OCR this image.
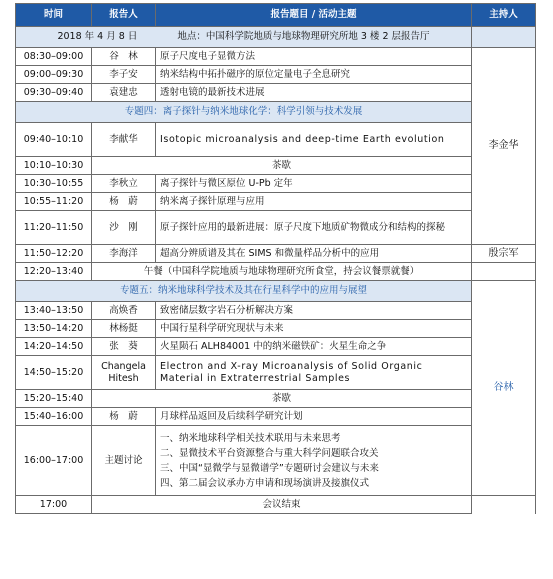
时间	报告人	报告题目 / 活动主题	主持人	
2018 年 4 月 8 日 地点：中国科学院地质与地球物理研究所地 3 楼 2 层报告厅				
08:30–09:00	谷　林	原子尺度电子显微方法	李金华	
09:00–09:30	李子安	纳米结构中拓扑磁序的原位定量电子全息研究		
09:30–09:40	袁建忠	透射电镜的最新技术进展		
专题四：离子探针与纳米地球化学：科学引领与技术发展				
09:40–10:10	李献华	Isotopic microanalysis and deep-time Earth evolution		
10:10–10:30	茶歇			
10:30–10:55	李秋立	离子探针与微区原位 U-Pb 定年		
10:55–11:20	杨　蔚	纳米离子探针原理与应用		
11:20–11:50	沙　刚	原子探针应用的最新进展：原子尺度下地质矿物微成分和结构的探秘		
11:50–12:20	李海洋	超高分辨质谱及其在 SIMS 和微量样品分析中的应用	殷宗军	
12:20–13:40	午餐（中国科学院地质与地球物理研究所食堂，持会议餐票就餐）			
专题五：纳米地球科学技术及其在行星科学中的应用与展望			谷林	
13:40–13:50	高焕香	致密储层数字岩石分析解决方案		
13:50–14:20	林杨挺	中国行星科学研究现状与未来		
14:20–14:50	张　葵	火星陨石 ALH84001 中的纳米磁铁矿：火星生命之争		
14:50–15:20	Changela Hitesh	Electron and X-ray Microanalysis of Solid Organic Material in Extraterrestrial Samples		
15:20–15:40	茶歇			
15:40–16:00	杨　蔚	月球样品返回及后续科学研究计划		
16:00–17:00	主题讨论	一、纳米地球科学相关技术联用与未来思考
二、显微技术平台资源整合与重大科学问题联合攻关
三、中国“显微学与显微谱学”专题研讨会建议与未来
四、第二届会议承办方申请和现场演讲及接旗仪式

17:00	会议结束			
